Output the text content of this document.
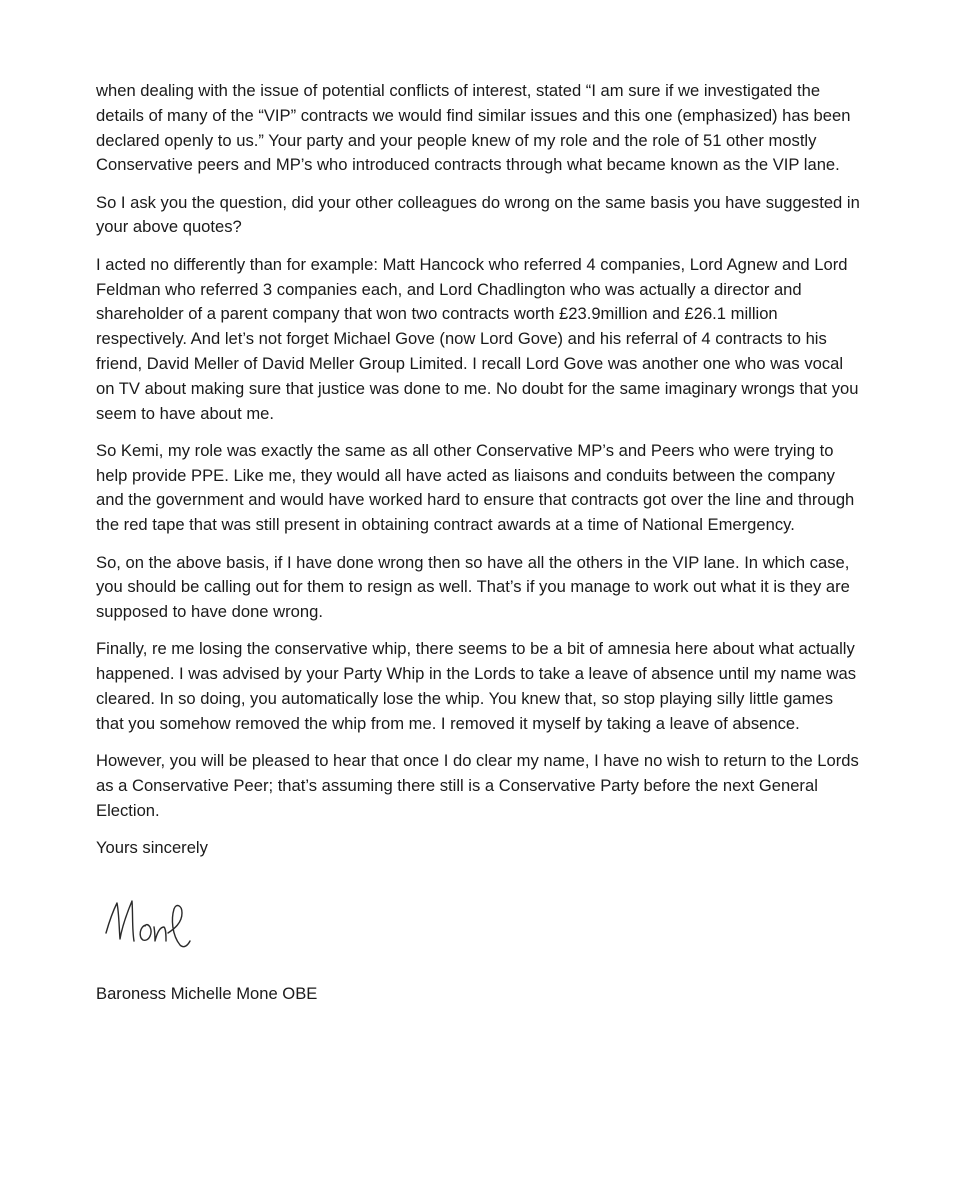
when dealing with the issue of potential conflicts of interest, stated “I am sure if we investigated the details of many of the “VIP” contracts we would find similar issues and this one (emphasized) has been declared openly to us.” Your party and your people knew of my role and the role of 51 other mostly Conservative peers and MP’s who introduced contracts through what became known as the VIP lane.

So I ask you the question, did your other colleagues do wrong on the same basis you have suggested in your above quotes?

I acted no differently than for example: Matt Hancock who referred 4 companies, Lord Agnew and Lord Feldman who referred 3 companies each, and Lord Chadlington who was actually a director and shareholder of a parent company that won two contracts worth £23.9million and £26.1 million respectively. And let’s not forget Michael Gove (now Lord Gove) and his referral of 4 contracts to his friend, David Meller of David Meller Group Limited. I recall Lord Gove was another one who was vocal on TV about making sure that justice was done to me. No doubt for the same imaginary wrongs that you seem to have about me.

So Kemi, my role was exactly the same as all other Conservative MP’s and Peers who were trying to help provide PPE. Like me, they would all have acted as liaisons and conduits between the company and the government and would have worked hard to ensure that contracts got over the line and through the red tape that was still present in obtaining contract awards at a time of National Emergency.

So, on the above basis, if I have done wrong then so have all the others in the VIP lane. In which case, you should be calling out for them to resign as well. That’s if you manage to work out what it is they are supposed to have done wrong.

Finally, re me losing the conservative whip, there seems to be a bit of amnesia here about what actually happened. I was advised by your Party Whip in the Lords to take a leave of absence until my name was cleared. In so doing, you automatically lose the whip. You knew that, so stop playing silly little games that you somehow removed the whip from me. I removed it myself by taking a leave of absence.

However, you will be pleased to hear that once I do clear my name, I have no wish to return to the Lords as a Conservative Peer; that’s assuming there still is a Conservative Party before the next General Election.

Yours sincerely

Baroness Michelle Mone OBE
